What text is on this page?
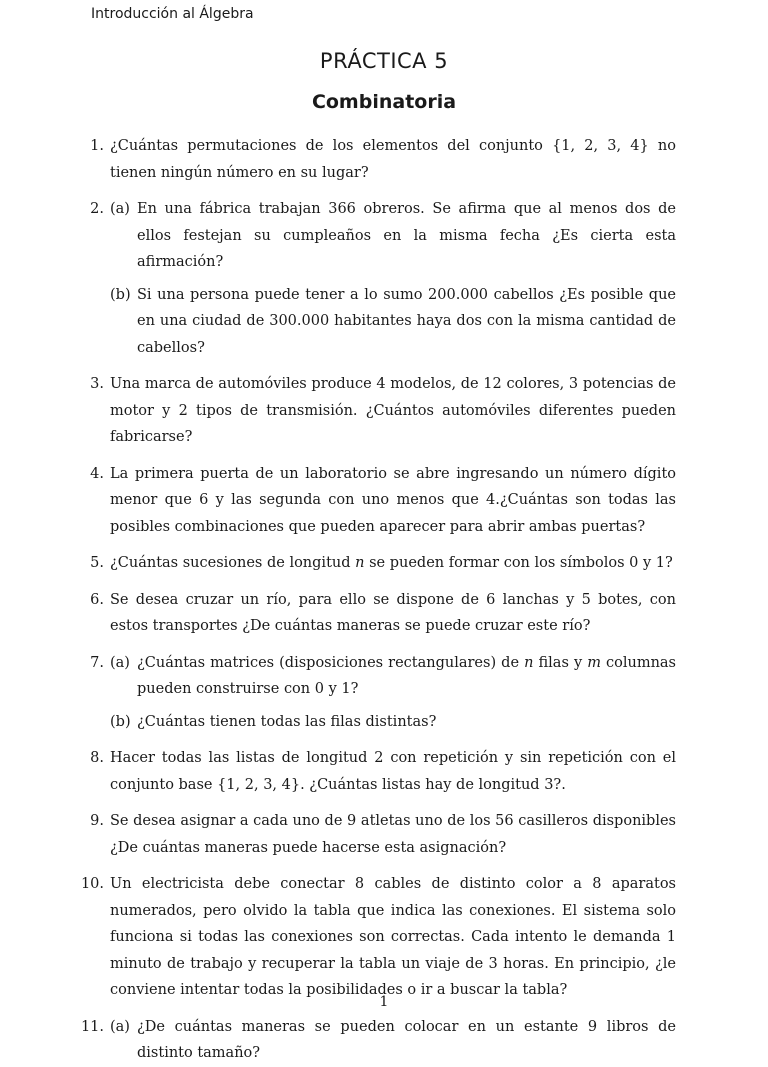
Introducción al Álgebra
PRÁCTICA 5
Combinatoria
1. ¿Cuántas permutaciones de los elementos del conjunto {1, 2, 3, 4} no tienen ningún número en su lugar?
2. (a) En una fábrica trabajan 366 obreros. Se afirma que al menos dos de ellos festejan su cumpleaños en la misma fecha ¿Es cierta esta afirmación?
(b) Si una persona puede tener a lo sumo 200.000 cabellos ¿Es posible que en una ciudad de 300.000 habitantes haya dos con la misma cantidad de cabellos?
3. Una marca de automóviles produce 4 modelos, de 12 colores, 3 potencias de motor y 2 tipos de transmisión. ¿Cuántos automóviles diferentes pueden fabricarse?
4. La primera puerta de un laboratorio se abre ingresando un número dígito menor que 6 y las segunda con uno menos que 4.¿Cuántas son todas las posibles combinaciones que pueden aparecer para abrir ambas puertas?
5. ¿Cuántas sucesiones de longitud n se pueden formar con los símbolos 0 y 1?
6. Se desea cruzar un río, para ello se dispone de 6 lanchas y 5 botes, con estos transportes ¿De cuántas maneras se puede cruzar este río?
7. (a) ¿Cuántas matrices (disposiciones rectangulares) de n filas y m columnas pueden construirse con 0 y 1?
(b) ¿Cuántas tienen todas las filas distintas?
8. Hacer todas las listas de longitud 2 con repetición y sin repetición con el conjunto base {1, 2, 3, 4}. ¿Cuántas listas hay de longitud 3?.
9. Se desea asignar a cada uno de 9 atletas uno de los 56 casilleros disponibles ¿De cuántas maneras puede hacerse esta asignación?
10. Un electricista debe conectar 8 cables de distinto color a 8 aparatos numerados, pero olvido la tabla que indica las conexiones. El sistema solo funciona si todas las conexiones son correctas. Cada intento le demanda 1 minuto de trabajo y recuperar la tabla un viaje de 3 horas. En principio, ¿le conviene intentar todas la posibilidades o ir a buscar la tabla?
11. (a) ¿De cuántas maneras se pueden colocar en un estante 9 libros de distinto tamaño?
1
